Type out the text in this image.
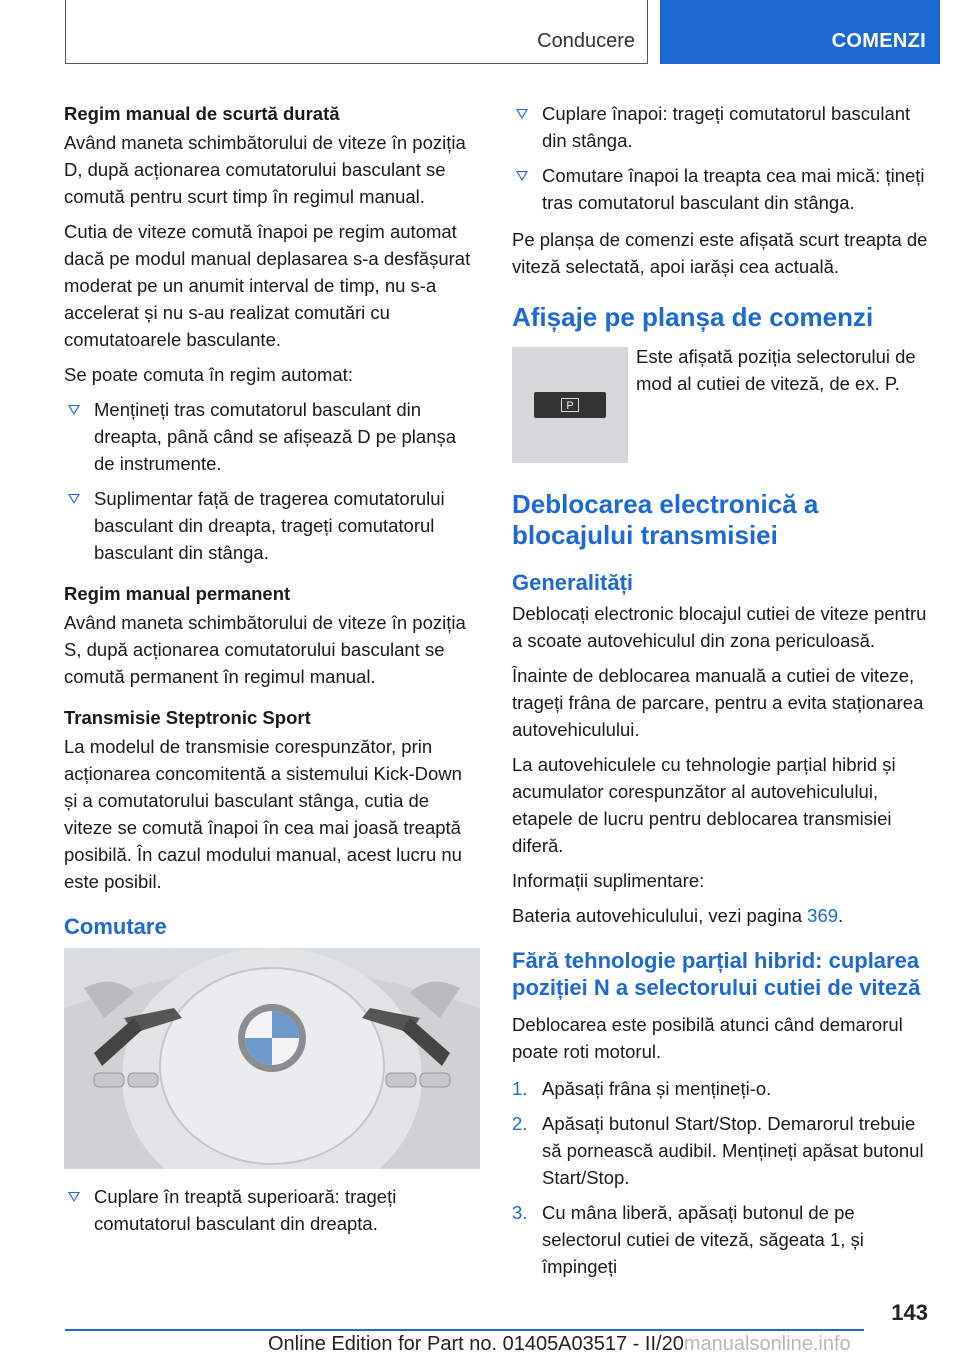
Conducere	COMENZI
Regim manual de scurtă durată

Având maneta schimbătorului de viteze în poziția D, după acționarea comutatorului basculant se comută pentru scurt timp în regimul manual.

Cutia de viteze comută înapoi pe regim automat dacă pe modul manual deplasarea s-a desfășurat moderat pe un anumit interval de timp, nu s-a accelerat și nu s-au realizat comutări cu comutatoarele basculante.

Se poate comuta în regim automat:

Mențineți tras comutatorul basculant din dreapta, până când se afișează D pe planșa de instrumente.
Suplimentar față de tragerea comutatorului basculant din dreapta, trageți comutatorul basculant din stânga.
Regim manual permanent

Având maneta schimbătorului de viteze în poziția S, după acționarea comutatorului basculant se comută permanent în regimul manual.

Transmisie Steptronic Sport

La modelul de transmisie corespunzător, prin acționarea concomitentă a sistemului Kick-Down și a comutatorului basculant stânga, cutia de viteze se comută înapoi în cea mai joasă treaptă posibilă. În cazul modului manual, acest lucru nu este posibil.

Comutare
Cuplare în treaptă superioară: trageți comutatorul basculant din dreapta.
Cuplare înapoi: trageți comutatorul basculant din stânga.
Comutare înapoi la treapta cea mai mică: țineți tras comutatorul basculant din stânga.

Pe planșa de comenzi este afișată scurt treapta de viteză selectată, apoi iarăși cea actuală.

Afișaje pe planșa de comenzi
P

Este afișată poziția selectorului de mod al cutiei de viteză, de ex. P.

Deblocarea electronică a blocajului transmisiei
Generalități

Deblocați electronic blocajul cutiei de viteze pentru a scoate autovehiculul din zona periculoasă.

Înainte de deblocarea manuală a cutiei de viteze, trageți frâna de parcare, pentru a evita staționarea autovehiculului.

La autovehiculele cu tehnologie parțial hibrid și acumulator corespunzător al autovehiculului, etapele de lucru pentru deblocarea transmisiei diferă.

Informații suplimentare:

Bateria autovehiculului, vezi pagina 369.

Fără tehnologie parțial hibrid: cuplarea poziției N a selectorului cutiei de viteză

Deblocarea este posibilă atunci când demarorul poate roti motorul.

1. Apăsați frâna și mențineți-o.
2. Apăsați butonul Start/Stop. Demarorul trebuie să pornească audibil. Mențineți apăsat butonul Start/Stop.
3. Cu mâna liberă, apăsați butonul de pe selectorul cutiei de viteză, săgeata 1, și împingeți
143
Online Edition for Part no. 01405A03517 - II/20manualsonline.info
